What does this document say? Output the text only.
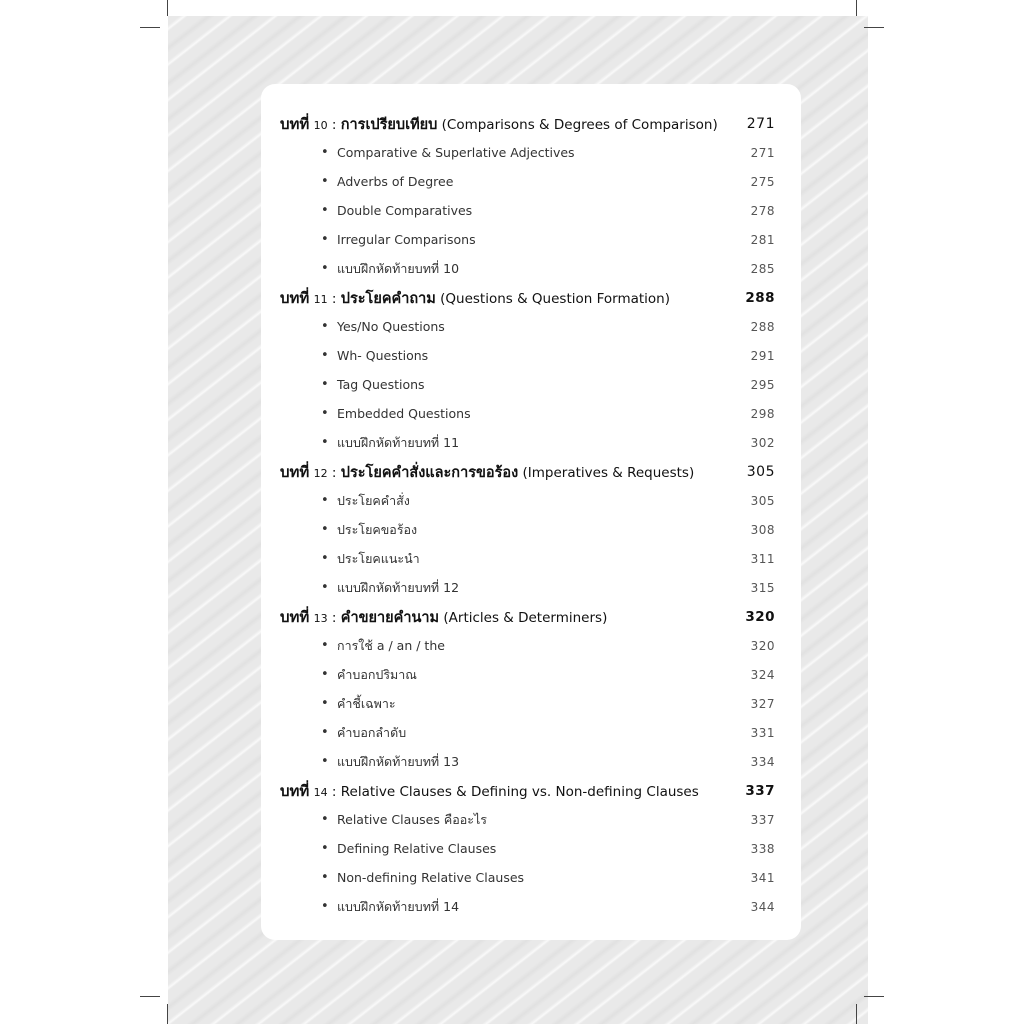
บทที่ 10 : การเปรียบเทียบ (Comparisons & Degrees of Comparison) 271
• Comparative & Superlative Adjectives	271
• Adverbs of Degree	275
• Double Comparatives	278
• Irregular Comparisons	281
• แบบฝึกหัดท้ายบทที่ 10	285
บทที่ 11 : ประโยคคำถาม (Questions & Question Formation)	288
• Yes/No Questions	288
• Wh- Questions	291
• Tag Questions	295
• Embedded Questions	298
• แบบฝึกหัดท้ายบทที่ 11	302
บทที่ 12 : ประโยคคำสั่งและการขอร้อง (Imperatives & Requests)	305
• ประโยคคำสั่ง	305
• ประโยคขอร้อง	308
• ประโยคแนะนำ	311
• แบบฝึกหัดท้ายบทที่ 12	315
บทที่ 13 : คำขยายคำนาม (Articles & Determiners)	320
• การใช้ a / an / the	320
• คำบอกปริมาณ	324
• คำชี้เฉพาะ	327
• คำบอกลำดับ	331
• แบบฝึกหัดท้ายบทที่ 13	334
บทที่ 14 : Relative Clauses & Defining vs. Non-defining Clauses	337
• Relative Clauses คืออะไร	337
• Defining Relative Clauses	338
• Non-defining Relative Clauses	341
• แบบฝึกหัดท้ายบทที่ 14	344
